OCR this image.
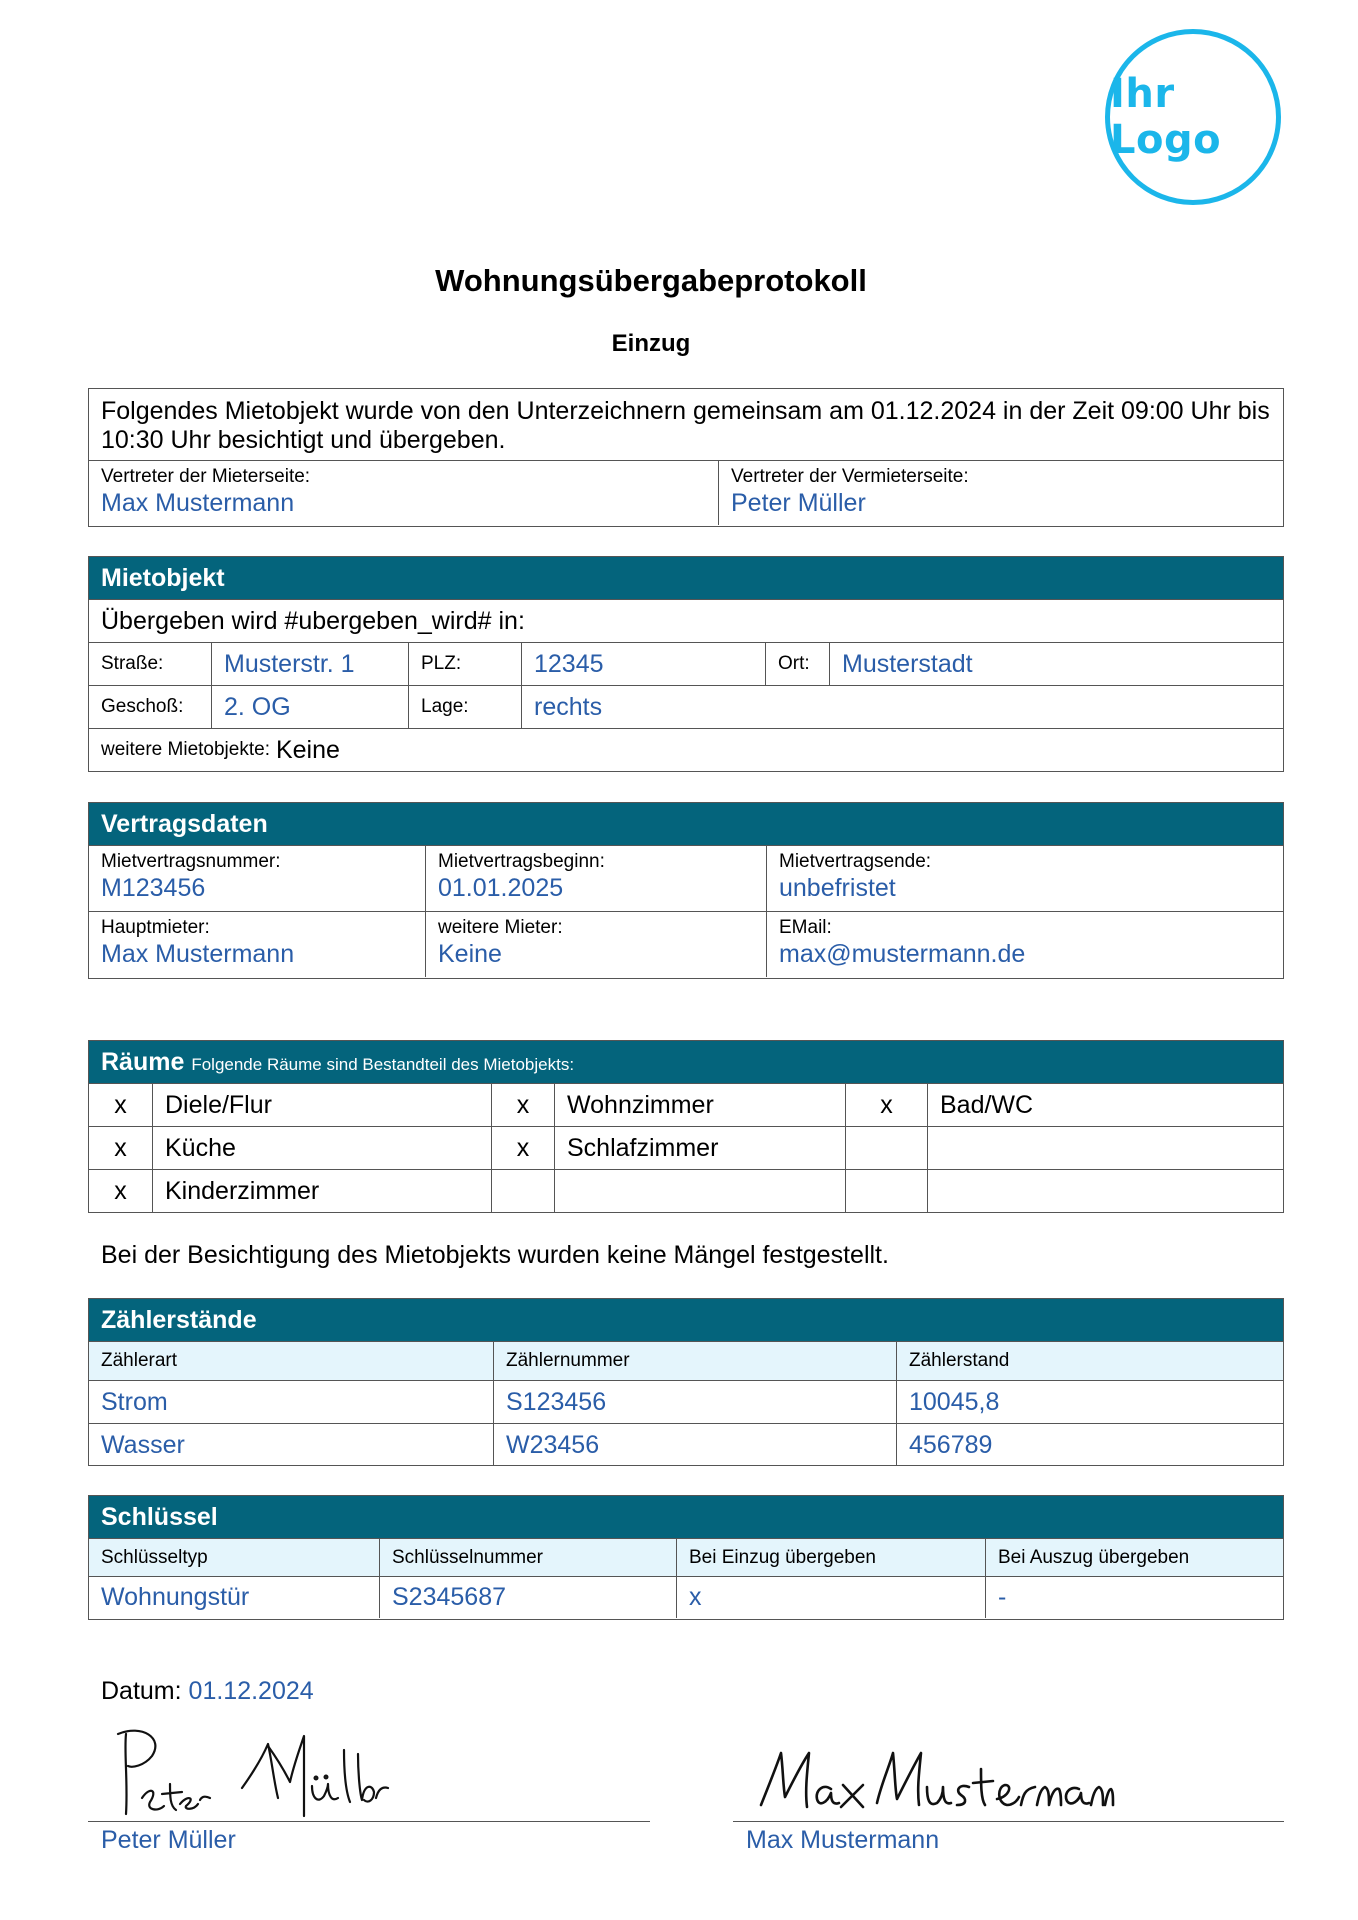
Ihr Logo
Wohnungsübergabeprotokoll
Einzug
Folgendes Mietobjekt wurde von den Unterzeichnern gemeinsam am 01.12.2024 in der Zeit 09:00 Uhr bis 10:30 Uhr besichtigt und übergeben.
Vertreter der Mieterseite:
Max Mustermann
Vertreter der Vermieterseite:
Peter Müller
Mietobjekt
Übergeben wird #ubergeben_wird# in:
Straße:	Musterstr. 1	PLZ:	12345	Ort:	Musterstadt
Geschoß:	2. OG	Lage:	rechts
weitere Mietobjekte: Keine
Vertragsdaten
Mietvertragsnummer:
M123456
Mietvertragsbeginn:
01.01.2025
Mietvertragsende:
unbefristet
Hauptmieter:
Max Mustermann
weitere Mieter:
Keine
EMail:
max@mustermann.de
Räume Folgende Räume sind Bestandteil des Mietobjekts:
x	Diele/Flur	x	Wohnzimmer	x	Bad/WC
x	Küche	x	Schlafzimmer
x	Kinderzimmer
Bei der Besichtigung des Mietobjekts wurden keine Mängel festgestellt.
Zählerstände
Zählerart	Zählernummer	Zählerstand
Strom	S123456	10045,8
Wasser	W23456	456789
Schlüssel
Schlüsseltyp	Schlüsselnummer	Bei Einzug übergeben	Bei Auszug übergeben
Wohnungstür	S2345687	x	-
Datum: 01.12.2024
Peter Müller	Max Mustermann
